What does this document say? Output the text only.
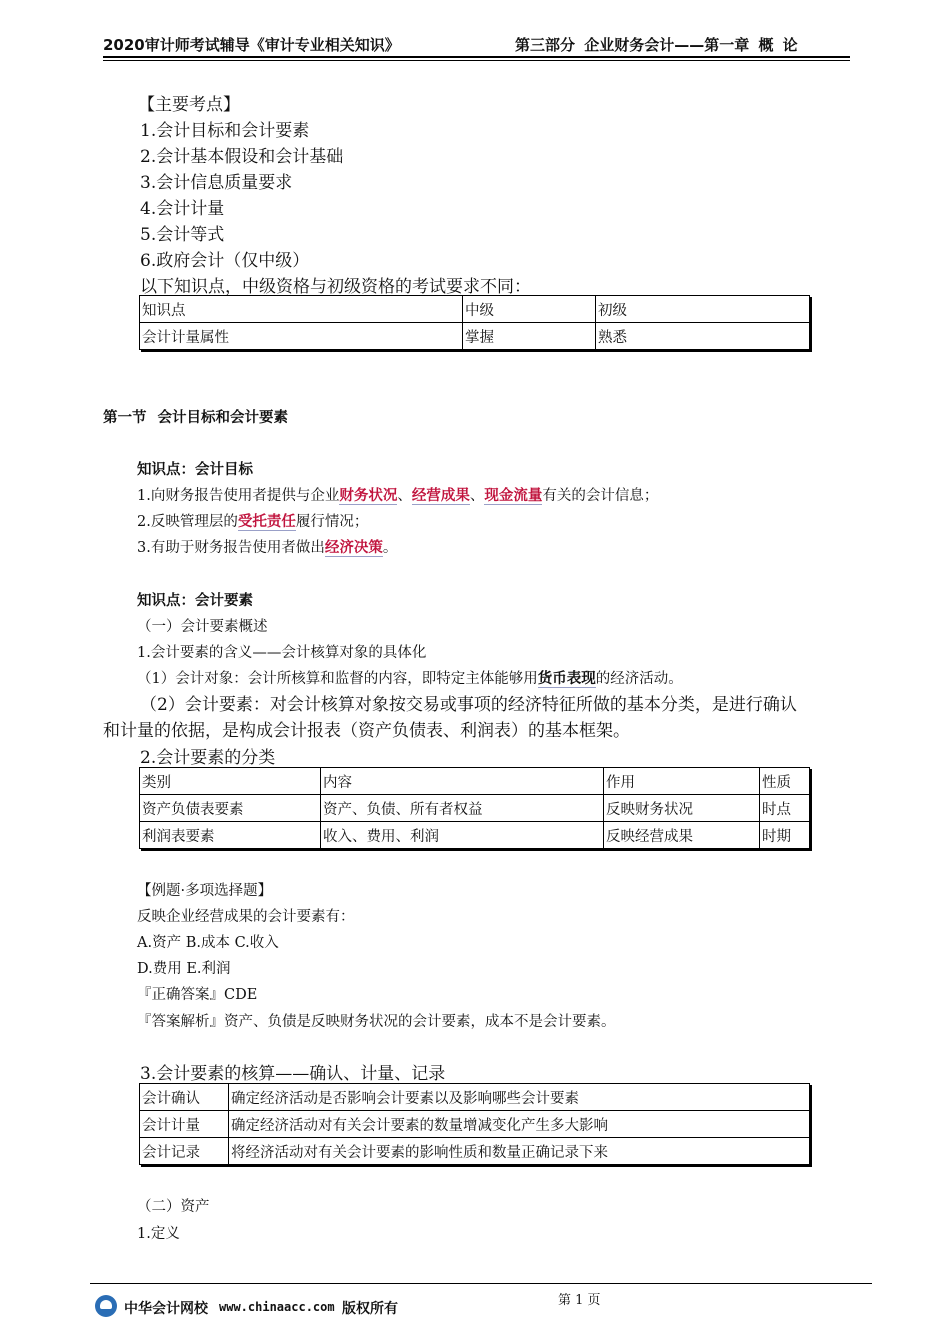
2020审计师考试辅导《审计专业相关知识》	第三部分 企业财务会计——第一章 概 论
【主要考点】
1.会计目标和会计要素
2.会计基本假设和会计基础
3.会计信息质量要求
4.会计计量
5.会计等式
6.政府会计（仅中级）
以下知识点，中级资格与初级资格的考试要求不同：
知识点	中级	初级
会计计量属性	掌握	熟悉
第一节 会计目标和会计要素
知识点：会计目标
1.向财务报告使用者提供与企业财务状况、经营成果、现金流量有关的会计信息；
2.反映管理层的受托责任履行情况；
3.有助于财务报告使用者做出经济决策。
知识点：会计要素
（一）会计要素概述
1.会计要素的含义——会计核算对象的具体化
（1）会计对象：会计所核算和监督的内容，即特定主体能够用货币表现的经济活动。
（2）会计要素：对会计核算对象按交易或事项的经济特征所做的基本分类，是进行确认
和计量的依据，是构成会计报表（资产负债表、利润表）的基本框架。
2.会计要素的分类
类别	内容	作用	性质
资产负债表要素	资产、负债、所有者权益	反映财务状况	时点
利润表要素	收入、费用、利润	反映经营成果	时期
【例题·多项选择题】
反映企业经营成果的会计要素有：
A.资产 B.成本 C.收入
D.费用 E.利润
『正确答案』CDE
『答案解析』资产、负债是反映财务状况的会计要素，成本不是会计要素。
3.会计要素的核算——确认、计量、记录
会计确认	确定经济活动是否影响会计要素以及影响哪些会计要素
会计计量	确定经济活动对有关会计要素的数量增减变化产生多大影响
会计记录	将经济活动对有关会计要素的影响性质和数量正确记录下来
（二）资产
1.定义
第 1 页
中华会计网校 www.chinaacc.com 版权所有
